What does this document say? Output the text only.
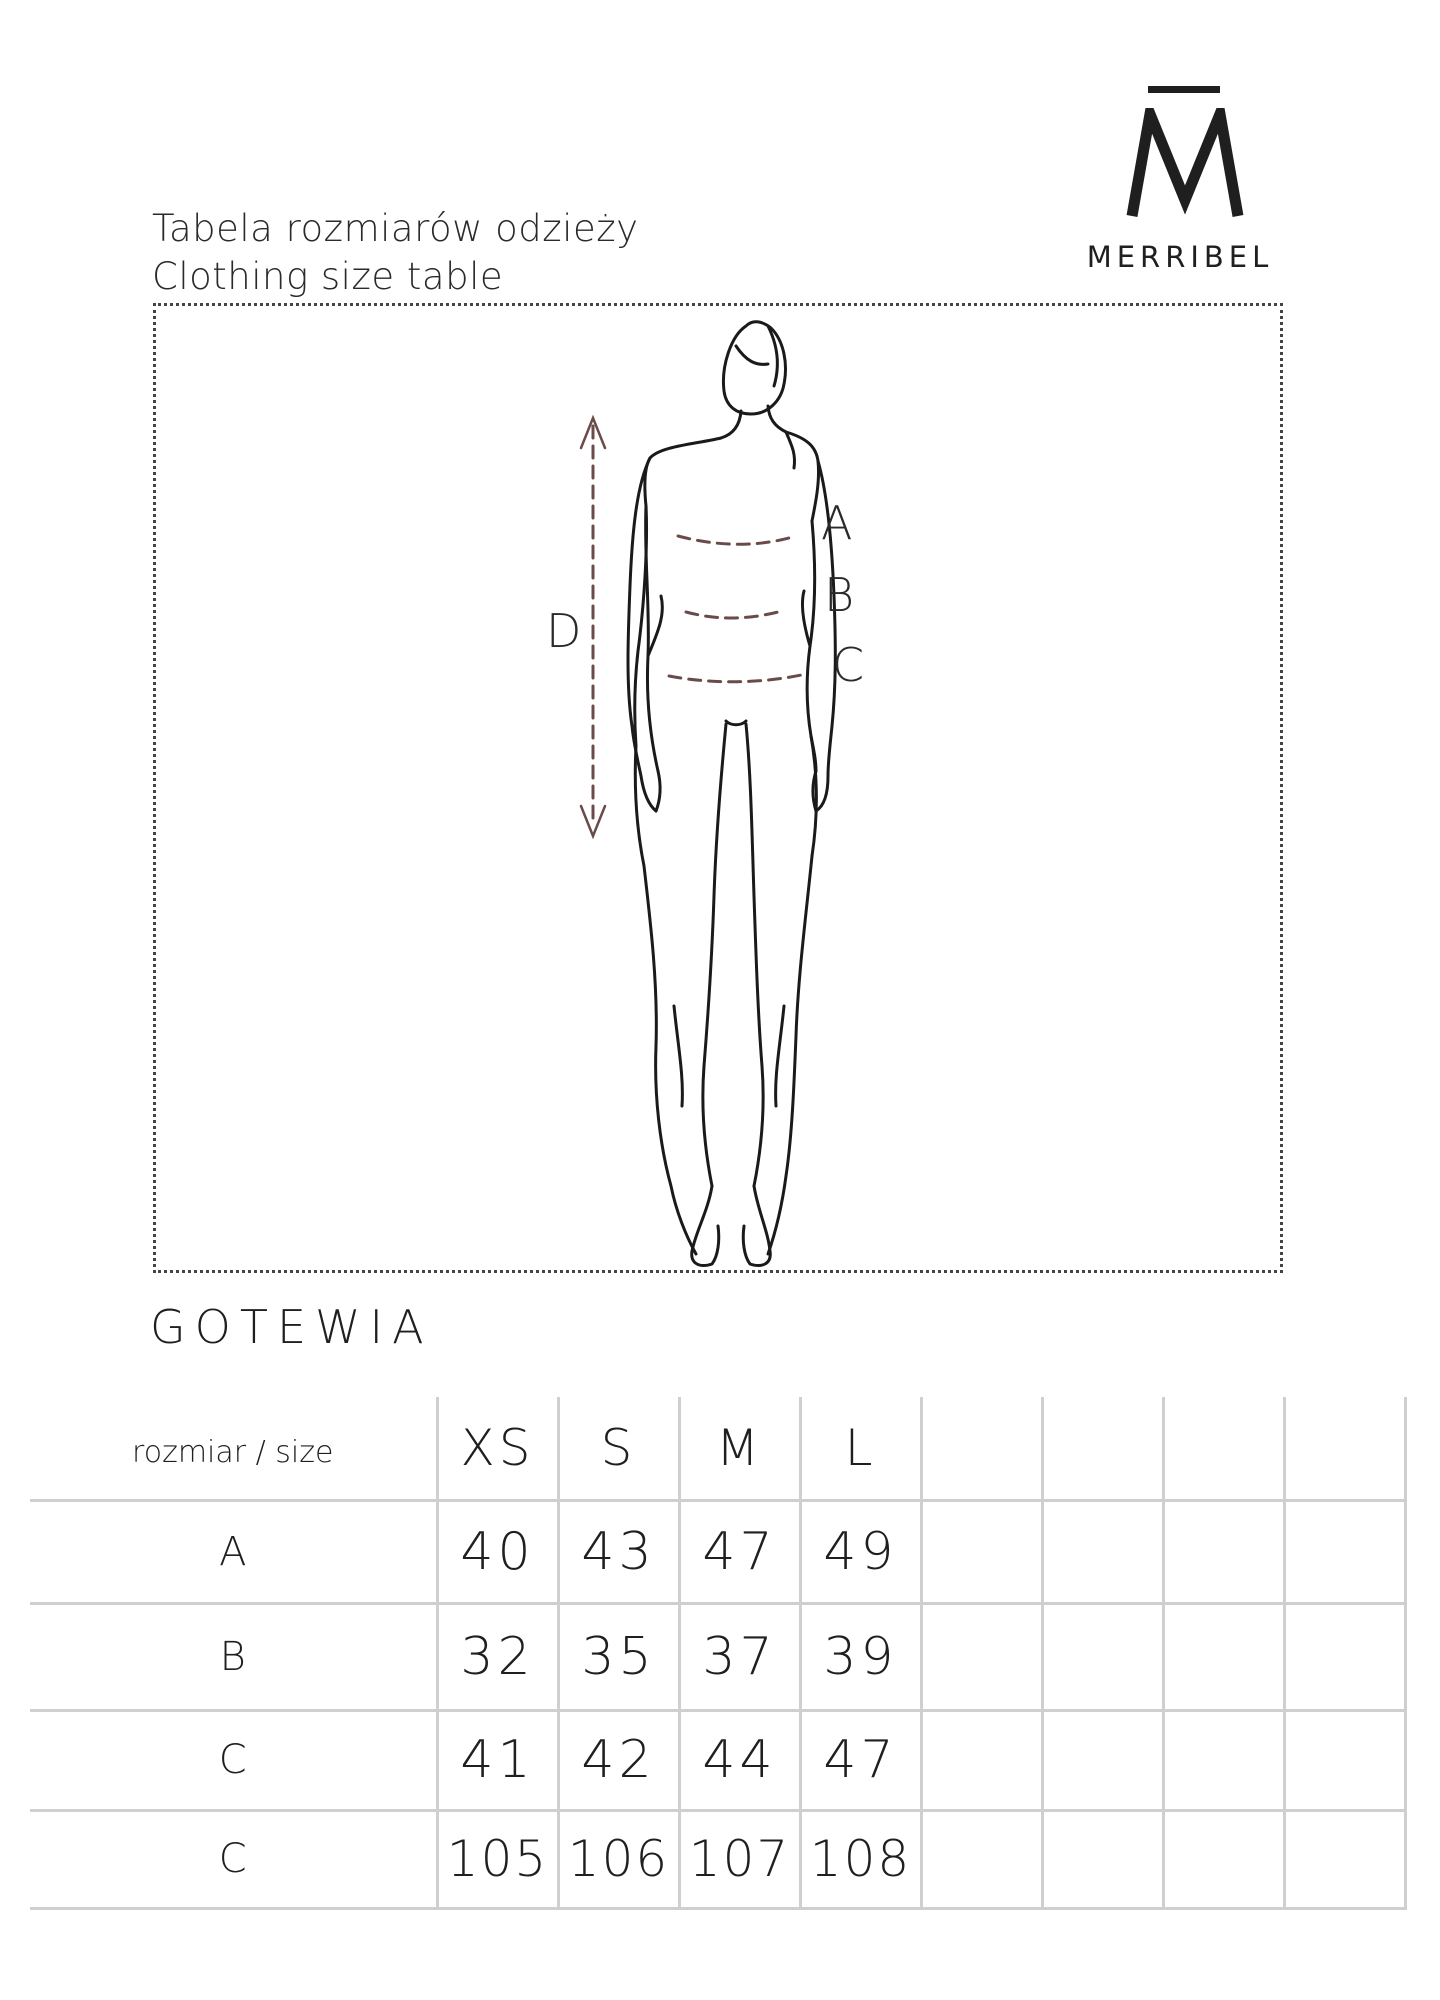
MERRIBEL
Tabela rozmiarów odzieży
Clothing size table
A
B
C
D
GOTEWIA
rozmiar / size	XS	S	M	L				
A	40	43	47	49				
B	32	35	37	39				
C	41	42	44	47				
C	105	106	107	108				
